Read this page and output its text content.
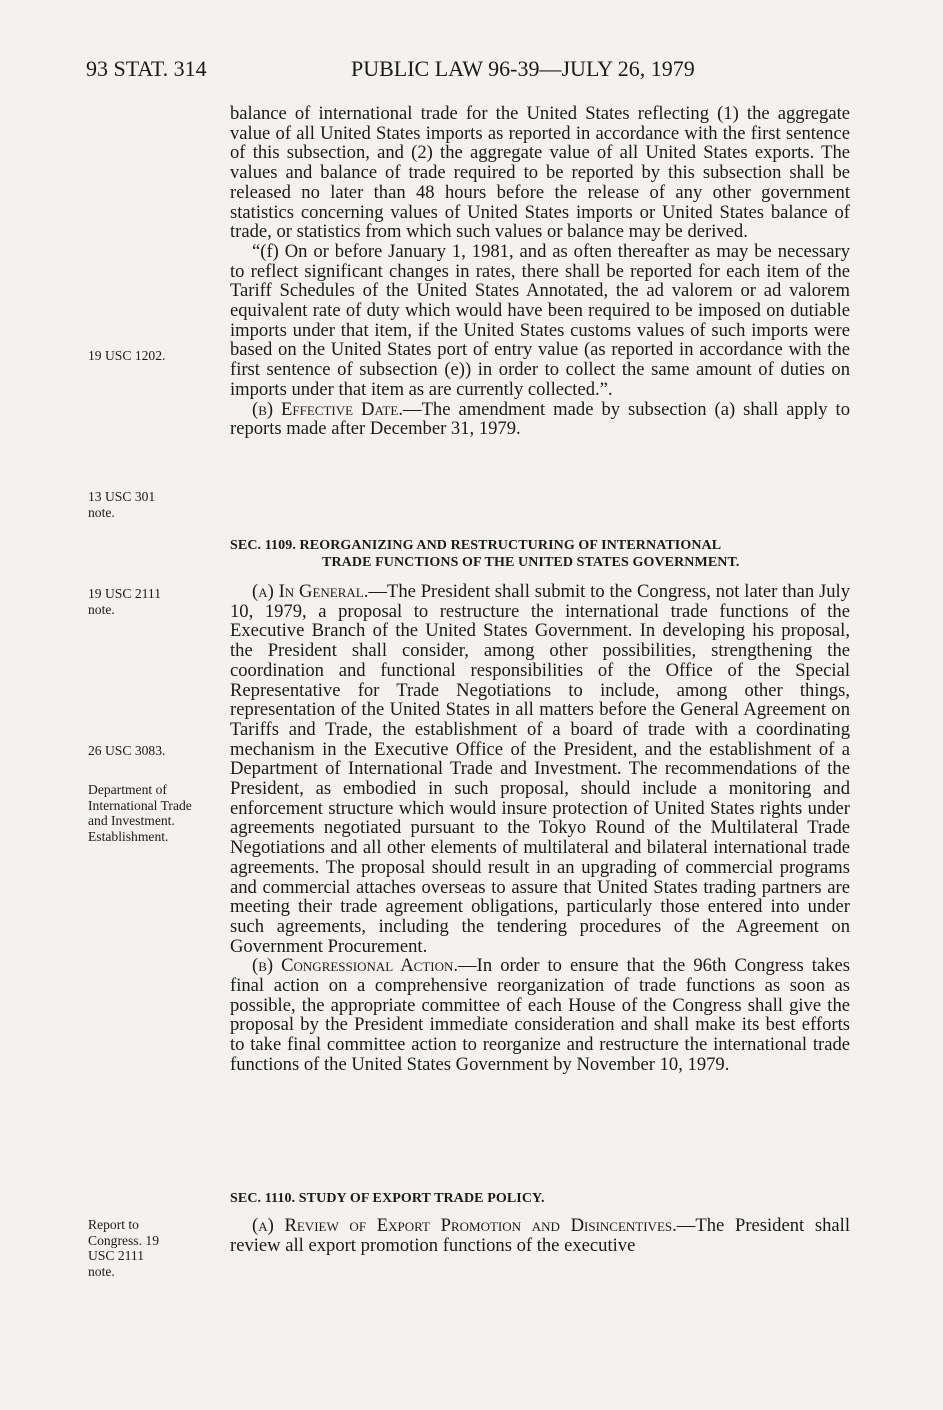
93 STAT. 314	PUBLIC LAW 96-39—JULY 26, 1979

balance of international trade for the United States reflecting (1) the aggregate value of all United States imports as reported in accordance with the first sentence of this subsection, and (2) the aggregate value of all United States exports. The values and balance of trade required to be reported by this subsection shall be released no later than 48 hours before the release of any other government statistics concerning values of United States imports or United States balance of trade, or statistics from which such values or balance may be derived.

“(f) On or before January 1, 1981, and as often thereafter as may be necessary to reflect significant changes in rates, there shall be reported for each item of the Tariff Schedules of the United States Annotated, the ad valorem or ad valorem equivalent rate of duty which would have been required to be imposed on dutiable imports under that item, if the United States customs values of such imports were based on the United States port of entry value (as reported in accordance with the first sentence of subsection (e)) in order to collect the same amount of duties on imports under that item as are currently collected.”.

(b) Effective Date.—The amendment made by subsection (a) shall apply to reports made after December 31, 1979.

SEC. 1109. REORGANIZING AND RESTRUCTURING OF INTERNATIONAL
TRADE FUNCTIONS OF THE UNITED STATES GOVERNMENT.

(a) In General.—The President shall submit to the Congress, not later than July 10, 1979, a proposal to restructure the international trade functions of the Executive Branch of the United States Government. In developing his proposal, the President shall consider, among other possibilities, strengthening the coordination and functional responsibilities of the Office of the Special Representative for Trade Negotiations to include, among other things, representation of the United States in all matters before the General Agreement on Tariffs and Trade, the establishment of a board of trade with a coordinating mechanism in the Executive Office of the President, and the establishment of a Department of International Trade and Investment. The recommendations of the President, as embodied in such proposal, should include a monitoring and enforcement structure which would insure protection of United States rights under agreements negotiated pursuant to the Tokyo Round of the Multilateral Trade Negotiations and all other elements of multilateral and bilateral international trade agreements. The proposal should result in an upgrading of commercial programs and commercial attaches overseas to assure that United States trading partners are meeting their trade agreement obligations, particularly those entered into under such agreements, including the tendering procedures of the Agreement on Government Procurement.

(b) Congressional Action.—In order to ensure that the 96th Congress takes final action on a comprehensive reorganization of trade functions as soon as possible, the appropriate committee of each House of the Congress shall give the proposal by the President immediate consideration and shall make its best efforts to take final committee action to reorganize and restructure the international trade functions of the United States Government by November 10, 1979.

SEC. 1110. STUDY OF EXPORT TRADE POLICY.

(a) Review of Export Promotion and Disincentives.—The President shall review all export promotion functions of the executive

19 USC 1202.
13 USC 301 note.
19 USC 2111 note.
26 USC 3083.
Department of International Trade and Investment. Establishment.
Report to Congress. 19 USC 2111 note.
